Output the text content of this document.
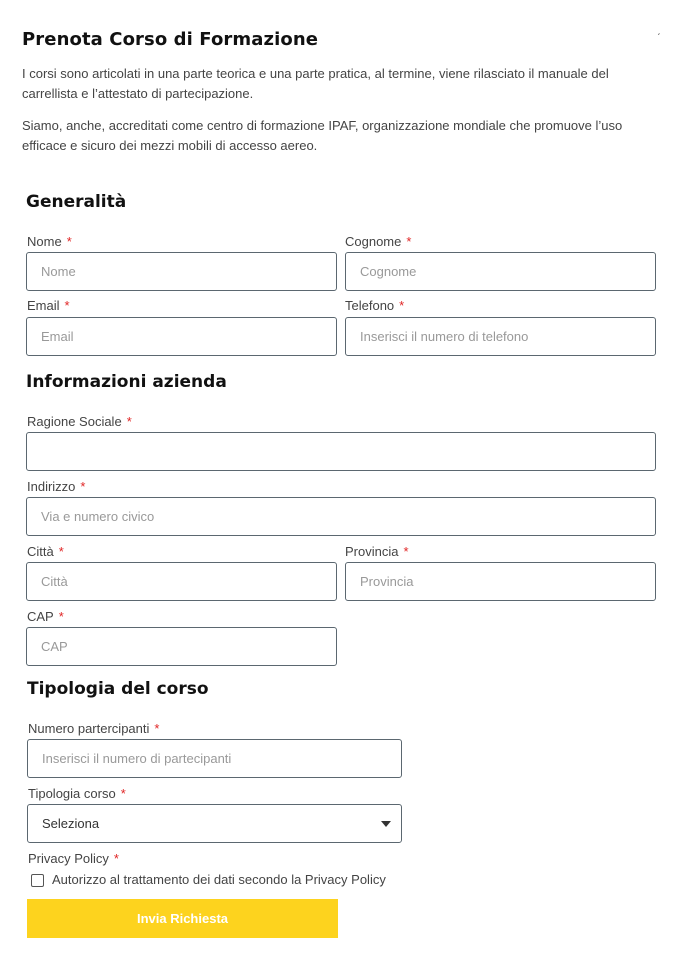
Prenota Corso di Formazione	ˏ
I corsi sono articolati in una parte teorica e una parte pratica, al termine, viene rilasciato il manuale del carrellista e l’attestato di partecipazione.
Siamo, anche, accreditati come centro di formazione IPAF, organizzazione mondiale che promuove l’uso efficace e sicuro dei mezzi mobili di accesso aereo.
Generalità
Nome *
Nome
Cognome *
Cognome
Email *
Email
Telefono *
Inserisci il numero di telefono
Informazioni azienda
Ragione Sociale *
Indirizzo *
Via e numero civico
Città *
Città
Provincia *
Provincia
CAP *
CAP
Tipologia del corso
Numero partercipanti *
Inserisci il numero di partecipanti
Tipologia corso *
Seleziona
Privacy Policy *
Autorizzo al trattamento dei dati secondo la Privacy Policy
Invia Richiesta
